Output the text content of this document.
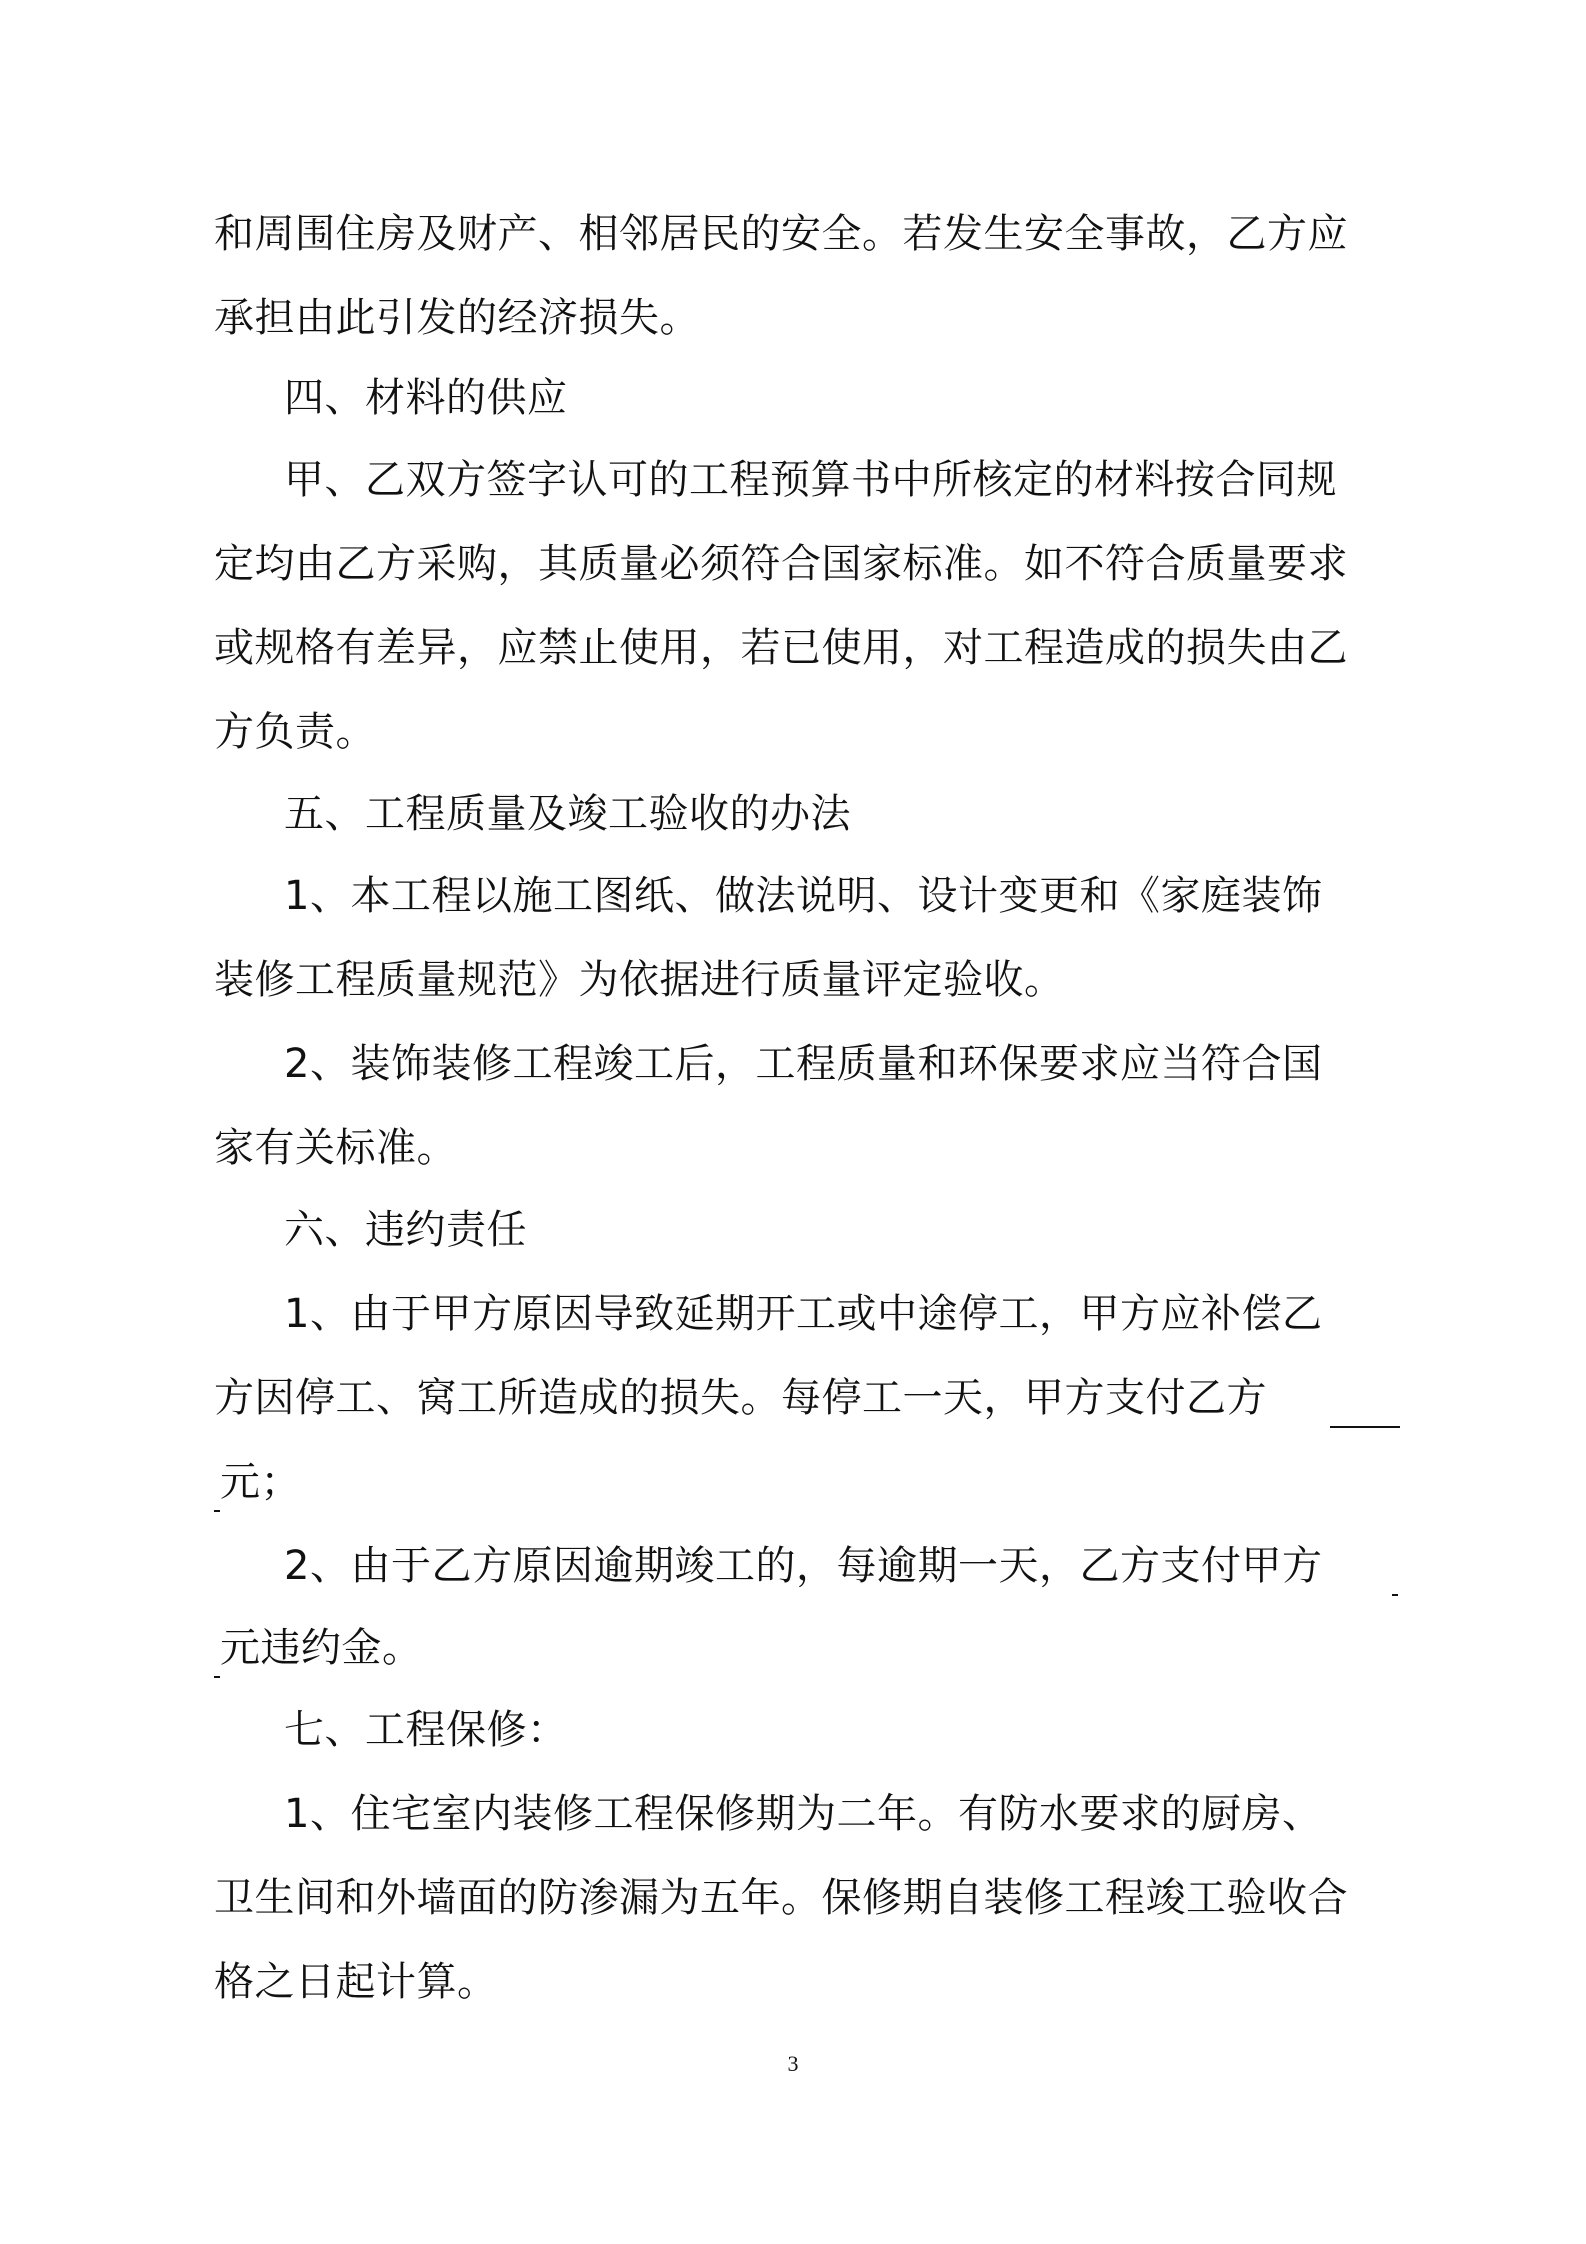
和周围住房及财产、相邻居民的安全。若发生安全事故，乙方应
承担由此引发的经济损失。
四、材料的供应
甲、乙双方签字认可的工程预算书中所核定的材料按合同规
定均由乙方采购，其质量必须符合国家标准。如不符合质量要求
或规格有差异，应禁止使用，若已使用，对工程造成的损失由乙
方负责。
五、工程质量及竣工验收的办法
1、本工程以施工图纸、做法说明、设计变更和《家庭装饰
装修工程质量规范》为依据进行质量评定验收。
2、装饰装修工程竣工后，工程质量和环保要求应当符合国
家有关标准。
六、违约责任
1、由于甲方原因导致延期开工或中途停工，甲方应补偿乙
方因停工、窝工所造成的损失。每停工一天，甲方支付乙方
元；
2、由于乙方原因逾期竣工的，每逾期一天，乙方支付甲方
元违约金。
七、工程保修：
1、住宅室内装修工程保修期为二年。有防水要求的厨房、
卫生间和外墙面的防渗漏为五年。保修期自装修工程竣工验收合
格之日起计算。
3
